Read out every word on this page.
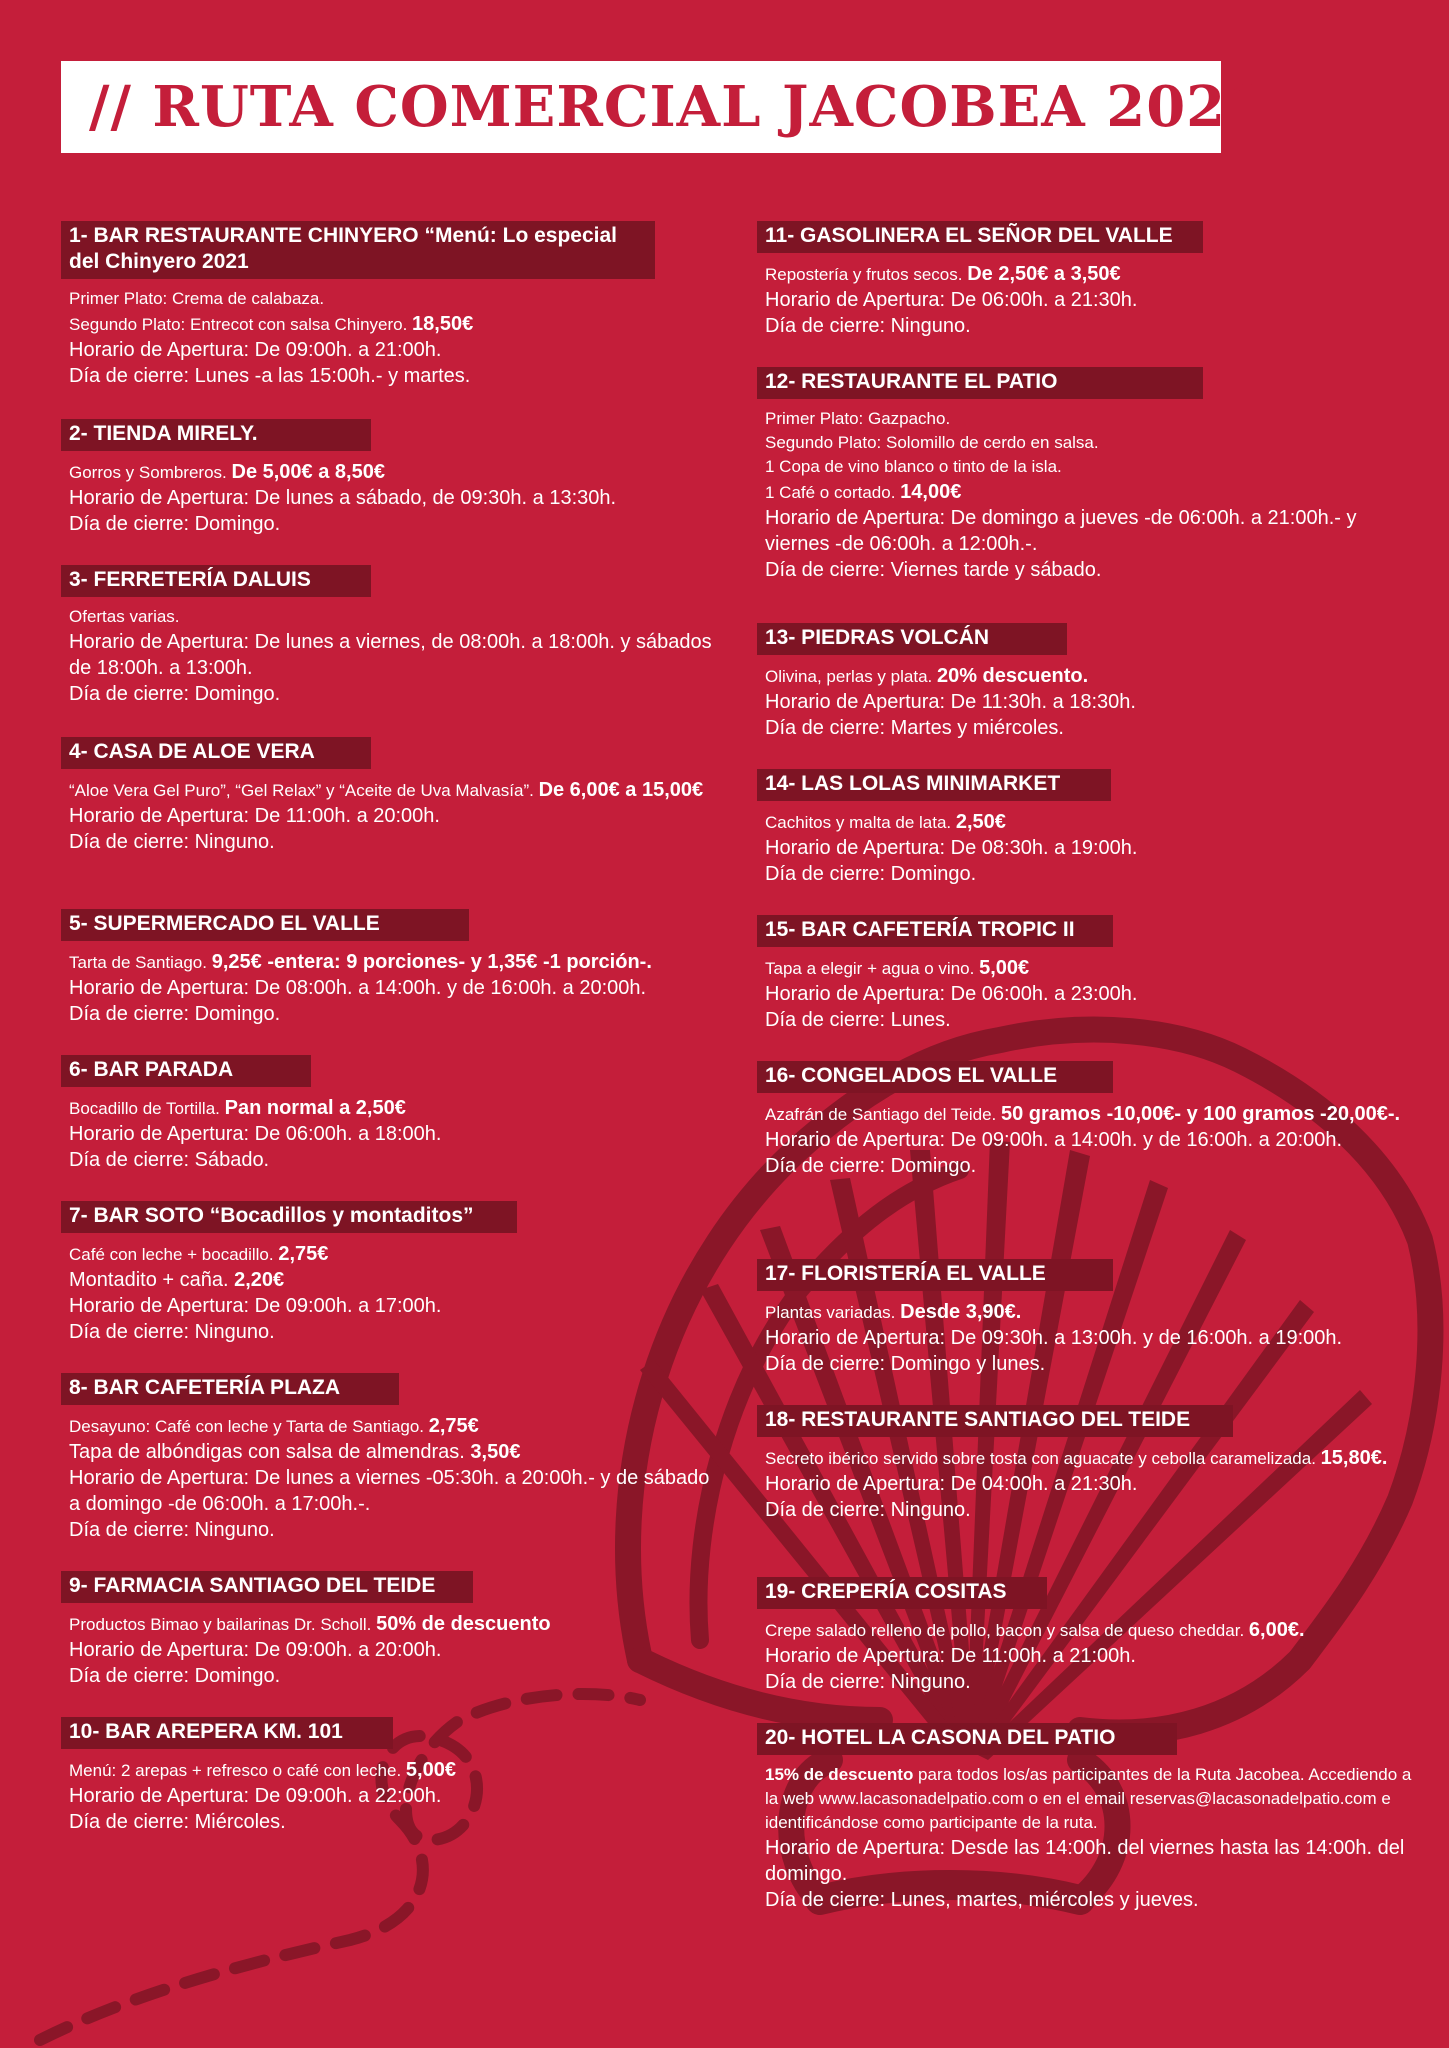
// RUTA COMERCIAL JACOBEA 2021
1- BAR RESTAURANTE CHINYERO “Menú: Lo especial del Chinyero 2021
Primer Plato: Crema de calabaza.
Segundo Plato: Entrecot con salsa Chinyero. 18,50€
Horario de Apertura: De 09:00h. a 21:00h.
Día de cierre: Lunes -a las 15:00h.- y martes.
2- TIENDA MIRELY.
Gorros y Sombreros. De 5,00€ a 8,50€
Horario de Apertura: De lunes a sábado, de 09:30h. a 13:30h.
Día de cierre: Domingo.
3- FERRETERÍA DALUIS
Ofertas varias.
Horario de Apertura: De lunes a viernes, de 08:00h. a 18:00h. y sábados de 18:00h. a 13:00h.
Día de cierre: Domingo.
4- CASA DE ALOE VERA
“Aloe Vera Gel Puro”, “Gel Relax” y “Aceite de Uva Malvasía”. De 6,00€ a 15,00€
Horario de Apertura: De 11:00h. a 20:00h.
Día de cierre: Ninguno.
5- SUPERMERCADO EL VALLE
Tarta de Santiago. 9,25€ -entera: 9 porciones- y 1,35€ -1 porción-.
Horario de Apertura: De 08:00h. a 14:00h. y de 16:00h. a 20:00h.
Día de cierre: Domingo.
6- BAR PARADA
Bocadillo de Tortilla. Pan normal a 2,50€
Horario de Apertura: De 06:00h. a 18:00h.
Día de cierre: Sábado.
7- BAR SOTO “Bocadillos y montaditos”
Café con leche + bocadillo. 2,75€
Montadito + caña. 2,20€
Horario de Apertura: De 09:00h. a 17:00h.
Día de cierre: Ninguno.
8- BAR CAFETERÍA PLAZA
Desayuno: Café con leche y Tarta de Santiago. 2,75€
Tapa de albóndigas con salsa de almendras. 3,50€
Horario de Apertura: De lunes a viernes -05:30h. a 20:00h.- y de sábado a domingo -de 06:00h. a 17:00h.-.
Día de cierre: Ninguno.
9- FARMACIA SANTIAGO DEL TEIDE
Productos Bimao y bailarinas Dr. Scholl. 50% de descuento
Horario de Apertura: De 09:00h. a 20:00h.
Día de cierre: Domingo.
10- BAR AREPERA KM. 101
Menú: 2 arepas + refresco o café con leche. 5,00€
Horario de Apertura: De 09:00h. a 22:00h.
Día de cierre: Miércoles.
11- GASOLINERA EL SEÑOR DEL VALLE
Repostería y frutos secos. De 2,50€ a 3,50€
Horario de Apertura: De 06:00h. a 21:30h.
Día de cierre: Ninguno.
12- RESTAURANTE EL PATIO
Primer Plato: Gazpacho.
Segundo Plato: Solomillo de cerdo en salsa.
1 Copa de vino blanco o tinto de la isla.
1 Café o cortado. 14,00€
Horario de Apertura: De domingo a jueves -de 06:00h. a 21:00h.- y viernes -de 06:00h. a 12:00h.-.
Día de cierre: Viernes tarde y sábado.
13- PIEDRAS VOLCÁN
Olivina, perlas y plata. 20% descuento.
Horario de Apertura: De 11:30h. a 18:30h.
Día de cierre: Martes y miércoles.
14- LAS LOLAS MINIMARKET
Cachitos y malta de lata. 2,50€
Horario de Apertura: De 08:30h. a 19:00h.
Día de cierre: Domingo.
15- BAR CAFETERÍA TROPIC II
Tapa a elegir + agua o vino. 5,00€
Horario de Apertura: De 06:00h. a 23:00h.
Día de cierre: Lunes.
16- CONGELADOS EL VALLE
Azafrán de Santiago del Teide. 50 gramos -10,00€- y 100 gramos -20,00€-.
Horario de Apertura: De 09:00h. a 14:00h. y de 16:00h. a 20:00h.
Día de cierre: Domingo.
17- FLORISTERÍA EL VALLE
Plantas variadas. Desde 3,90€.
Horario de Apertura: De 09:30h. a 13:00h. y de 16:00h. a 19:00h.
Día de cierre: Domingo y lunes.
18- RESTAURANTE SANTIAGO DEL TEIDE
Secreto ibérico servido sobre tosta con aguacate y cebolla caramelizada. 15,80€.
Horario de Apertura: De 04:00h. a 21:30h.
Día de cierre: Ninguno.
19- CREPERÍA COSITAS
Crepe salado relleno de pollo, bacon y salsa de queso cheddar. 6,00€.
Horario de Apertura: De 11:00h. a 21:00h.
Día de cierre: Ninguno.
20- HOTEL LA CASONA DEL PATIO
15% de descuento para todos los/as participantes de la Ruta Jacobea. Accediendo a la web www.lacasonadelpatio.com o en el email reservas@lacasonadelpatio.com e identificándose como participante de la ruta.
Horario de Apertura: Desde las 14:00h. del viernes hasta las 14:00h. del domingo.
Día de cierre: Lunes, martes, miércoles y jueves.
